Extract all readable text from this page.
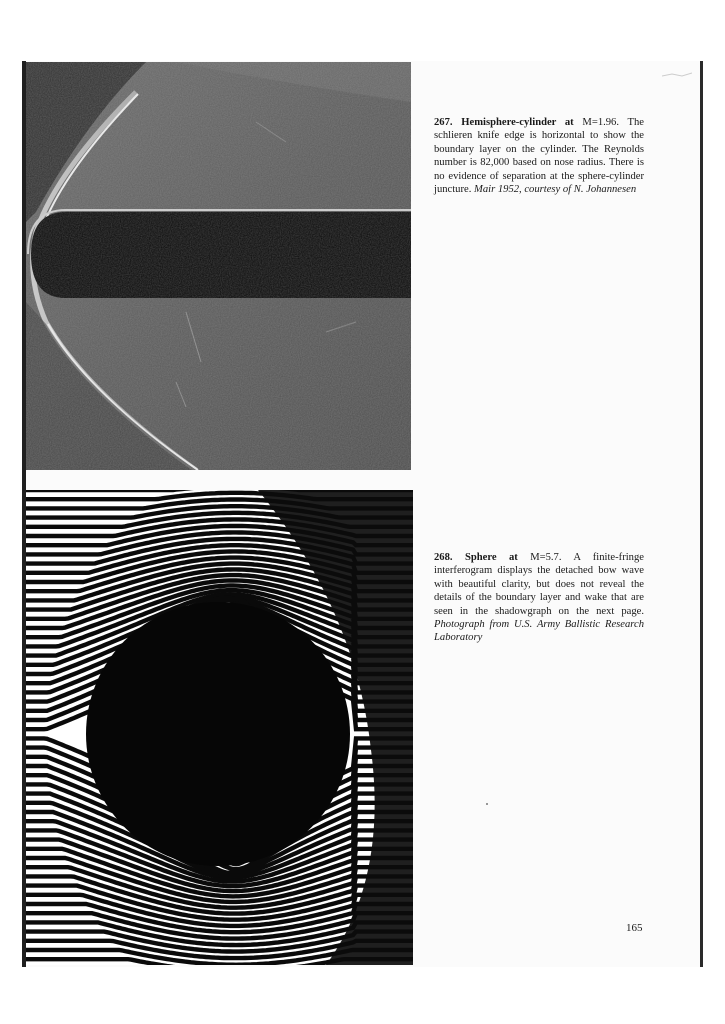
267. Hemisphere-cylinder at M=1.96. The schlieren knife edge is horizontal to show the boundary layer on the cylinder. The Reynolds number is 82,000 based on nose radius. There is no evidence of separation at the sphere-cylinder juncture. Mair 1952, courtesy of N. Johannesen
268. Sphere at M=5.7. A finite-fringe interferogram displays the detached bow wave with beautiful clarity, but does not reveal the details of the boundary layer and wake that are seen in the shadowgraph on the next page. Photograph from U.S. Army Ballistic Research Laboratory
165
